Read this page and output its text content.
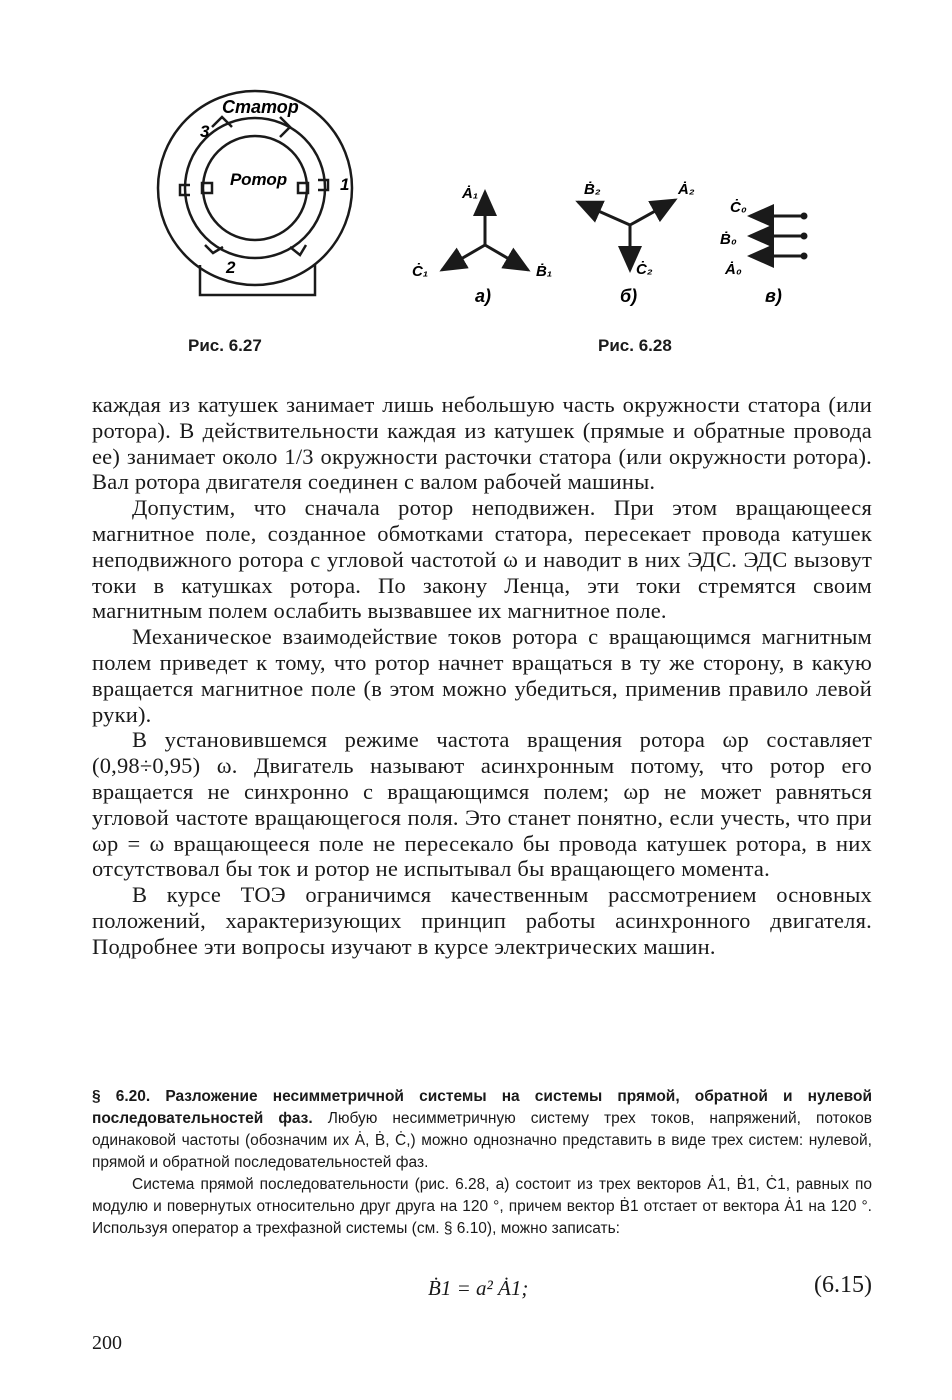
Статор
Ротор	1
2
3
Рис. 6.27
Ȧ₁
Ḃ₁
Ċ₁
а)
Ȧ₂
Ḃ₂
Ċ₂
б)
Ċ₀
Ḃ₀
Ȧ₀
в)
Рис. 6.28

каждая из катушек занимает лишь небольшую часть окружности статора (или ротора). В действительности каждая из катушек (прямые и обратные провода ее) занимает около 1/3 окружности расточки статора (или окружности ротора). Вал ротора двигателя соединен с валом рабочей машины.

Допустим, что сначала ротор неподвижен. При этом вращающееся магнитное поле, созданное обмотками статора, пересекает провода катушек неподвижного ротора с угловой частотой ω и наводит в них ЭДС. ЭДС вызовут токи в катушках ротора. По закону Ленца, эти токи стремятся своим магнитным полем ослабить вызвавшее их магнитное поле.

Механическое взаимодействие токов ротора с вращающимся магнитным полем приведет к тому, что ротор начнет вращаться в ту же сторону, в какую вращается магнитное поле (в этом можно убедиться, применив правило левой руки).

В установившемся режиме частота вращения ротора ωр составляет (0,98÷0,95) ω. Двигатель называют асинхронным потому, что ротор его вращается не синхронно с вращающимся полем; ωр не может равняться угловой частоте вращающегося поля. Это станет понятно, если учесть, что при ωр = ω вращающееся поле не пересекало бы провода катушек ротора, в них отсутствовал бы ток и ротор не испытывал бы вращающего момента.

В курсе ТОЭ ограничимся качественным рассмотрением основных положений, характеризующих принцип работы асинхронного двигателя. Подробнее эти вопросы изучают в курсе электрических машин.

§ 6.20. Разложение несимметричной системы на системы прямой, обратной и нулевой последовательностей фаз. Любую несимметричную систему трех токов, напряжений, потоков одинаковой частоты (обозначим их Ȧ, Ḃ, Ċ,) можно однозначно представить в виде трех систем: нулевой, прямой и обратной последовательностей фаз.

Система прямой последовательности (рис. 6.28, а) состоит из трех векторов Ȧ1, Ḃ1, Ċ1, равных по модулю и повернутых относительно друг друга на 120 °, причем вектор Ḃ1 отстает от вектора Ȧ1 на 120 °. Используя оператор а трехфазной системы (см. § 6.10), можно записать:

Ḃ1 = a² Ȧ1;	(6.15)
200
